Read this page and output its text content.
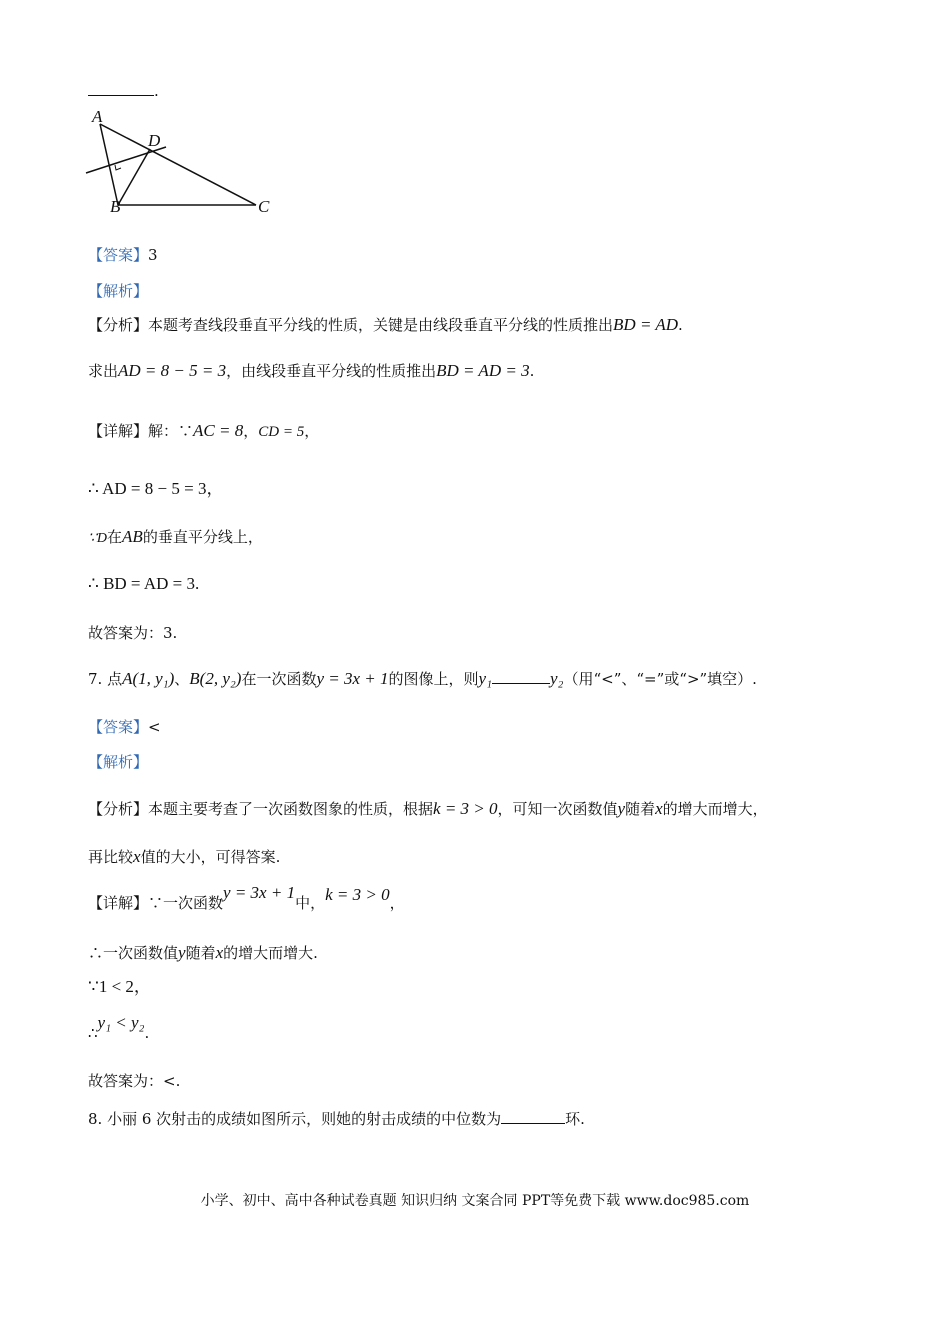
.
A
D
B	C
【答案】3
【解析】
【分析】本题考查线段垂直平分线的性质，关键是由线段垂直平分线的性质推出BD = AD.
求出AD = 8 − 5 = 3，由线段垂直平分线的性质推出BD = AD = 3.
【详解】解：∵AC = 8，CD = 5，
∴ AD = 8 − 5 = 3，
∵D在AB的垂直平分线上，
∴ BD = AD = 3.
故答案为：3.
7. 点A(1, y₁)、B(2, y₂)在一次函数y = 3x + 1的图像上，则y₁	y₂（用“<”、“=”或“>”填空）.
【答案】<
【解析】
【分析】本题主要考查了一次函数图象的性质，根据k = 3 > 0，可知一次函数值y随着x的增大而增大，
再比较x值的大小，可得答案.
【详解】∵一次函数y = 3x + 1中，k = 3 > 0，
∴一次函数值y随着x的增大而增大.
∵1 < 2，
∴y₁ < y₂.
故答案为：<.
8. 小丽 6 次射击的成绩如图所示，则她的射击成绩的中位数为	环.
小学、初中、高中各种试卷真题 知识归纳 文案合同 PPT等免费下载 www.doc985.com
